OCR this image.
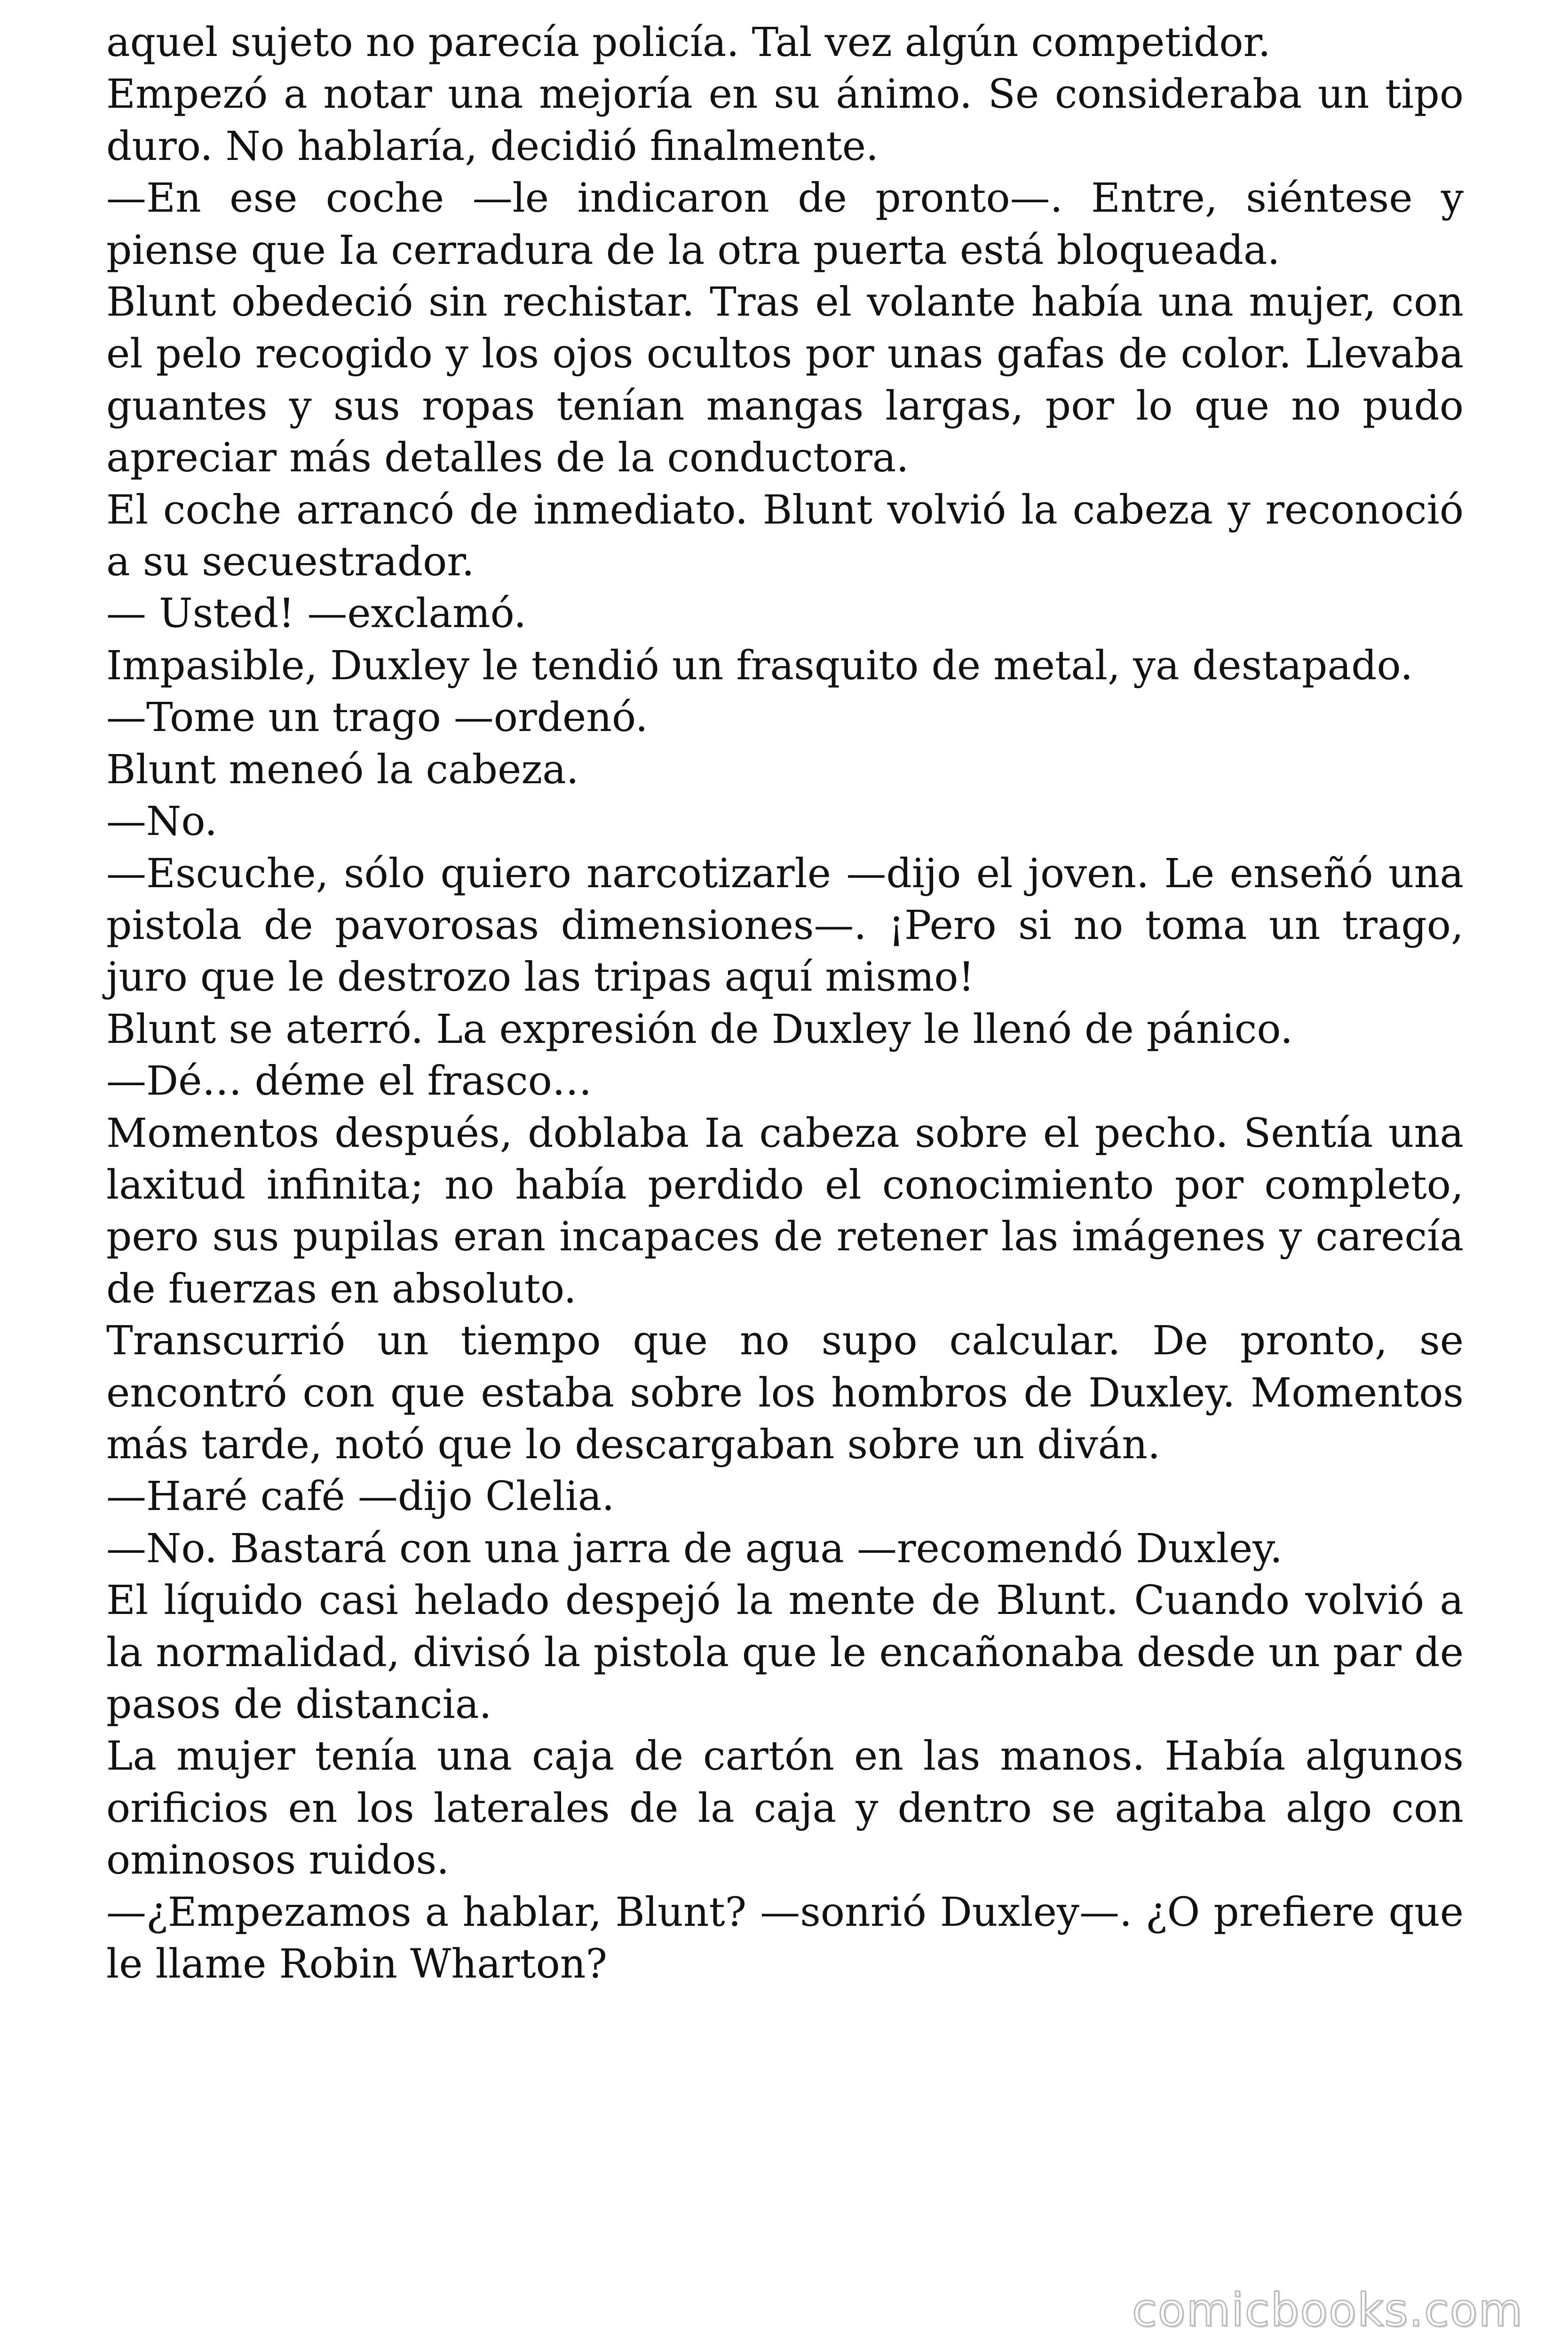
aquel sujeto no parecía policía. Tal vez algún competidor.

Empezó a notar una mejoría en su ánimo. Se consideraba un tipo duro. No hablaría, decidió finalmente.

—En ese coche —le indicaron de pronto—. Entre, siéntese y piense que Ia cerradura de la otra puerta está bloqueada.

Blunt obedeció sin rechistar. Tras el volante había una mujer, con el pelo recogido y los ojos ocultos por unas gafas de color. Llevaba guantes y sus ropas tenían mangas largas, por lo que no pudo apreciar más detalles de la conductora.

El coche arrancó de inmediato. Blunt volvió la cabeza y reconoció a su secuestrador.

— Usted! —exclamó.

Impasible, Duxley le tendió un frasquito de metal, ya destapado.

—Tome un trago —ordenó.

Blunt meneó la cabeza.

—No.

—Escuche, sólo quiero narcotizarle —dijo el joven. Le enseñó una pistola de pavorosas dimensiones—. ¡Pero si no toma un trago, juro que le destrozo las tripas aquí mismo!

Blunt se aterró. La expresión de Duxley le llenó de pánico.

—Dé… déme el frasco…

Momentos después, doblaba Ia cabeza sobre el pecho. Sentía una laxitud infinita; no había perdido el conocimiento por completo, pero sus pupilas eran incapaces de retener las imágenes y carecía de fuerzas en absoluto.

Transcurrió un tiempo que no supo calcular. De pronto, se encontró con que estaba sobre los hombros de Duxley. Momentos más tarde, notó que lo descargaban sobre un diván.

—Haré café —dijo Clelia.

—No. Bastará con una jarra de agua —recomendó Duxley.

El líquido casi helado despejó la mente de Blunt. Cuando volvió a la normalidad, divisó la pistola que le encañonaba desde un par de pasos de distancia.

La mujer tenía una caja de cartón en las manos. Había algunos orificios en los laterales de la caja y dentro se agitaba algo con ominosos ruidos.

—¿Empezamos a hablar, Blunt? —sonrió Duxley—. ¿O prefiere que le llame Robin Wharton?

comicbooks.com
